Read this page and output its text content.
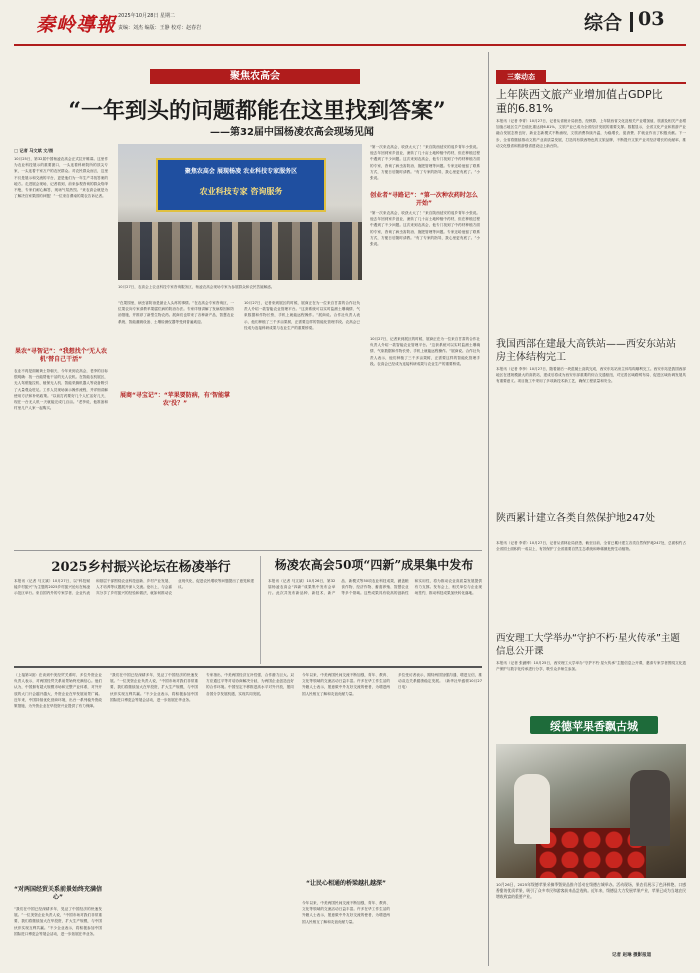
秦岭導報 2025年10月28日 星期二
责编：刘杰 编版：王静 校对：赵春岩	综合 03
聚焦农高会
“一年到头的问题都能在这里找到答案”
——第32届中国杨凌农高会现场见闻
□ 记者 马文斌 文/图
10月25日，第32届中国杨凌农高会正式拉开帷幕。这里作为农业科技展示的重要窗口，一头连着科研院所的顶尖专家，一头连着千家万户的农民群众。对农民群众而言，这里不仅是展示和交流的平台，更是他们为一年生产寻找答案的地方。走进展会现场，记者看到，前来参观咨询的群众络绎不绝，专家们耐心解答，现场气氛热烈。“来农高会就是为了解决自家果园的问题！”一位来自渭南的果农告诉记者。
聚焦农高会 展现杨凌 农业科技专家服务区
农业科技专家 咨询服务
10月27日，农高会上农业科技专家咨询服务区，杨凌农高会现场专家为参展群众和农民答疑解惑。
“第一次来农高会，收获太大了！”来自陕西延安的返乡青年小张说。他去年回到家乡创业，流转了几十亩土地种植中药材，但在种植过程中遇到了不少问题。这次来到农高会，他专门找到了中药材种植方面的专家，咨询了病虫害防治、施肥管理等问题。专家还给他留了联系方式，方便日后随时请教。“有了专家的指导，我心里更有底了。”小张说。
创业者“寻路记”：“第一次种农药时怎么开始”
“第一次来农高会，收获太大了！”来自陕西延安的返乡青年小张说。他去年回到家乡创业，流转了几十亩土地种植中药材，但在种植过程中遇到了不少问题。这次来到农高会，他专门找到了中药材种植方面的专家，咨询了病虫害防治、施肥管理等问题。专家还给他留了联系方式，方便日后随时请教。“有了专家的指导，我心里更有底了。”小张说。
果农“寻智记”：“我想找个‘无人农机’替自己干活”
农业不再是面朝黄土背朝天，今年来到农高会，老李的目标很明确：找一台能帮他干活的无人农机。在智能农机展区，无人驾驶拖拉机、植保无人机、智能采摘机器人等设备吸引了大量观众驻足。工作人员现场演示操作流程，并详细讲解使用方法和补贴政策。“以前打药要好几个人忙活好几天，现在一台无人机一天就能完成几百亩。”老李说，他准备和村里几户人家一起购买。
“在果园里，病虫害防治是最让人头疼的事情。”在农高会专家咨询区，一位果农向专家请教苹果腐烂病的防治办法。专家详细讲解了发病原因和防治措施，并推荐了新型生物农药。展商们也带来了各种新产品，智慧农业系统、智能灌溉设备、土壤检测仪器等受到普遍欢迎。
展商“寻宝记”：“苹果要防病，有‘智能掌农’没？”
10月27日，记者来到展区的时候，展商正在为一位来自甘肃的合作社负责人介绍一款智能农业管理平台。“这套系统可以实时监测土壤墒情、气象数据和作物长势，手机上就能远程操作。”展商说。合作社负责人表示，他们种植了三千多亩果树，正需要这样的智能化管理手段。农高会已经成为连接科研成果与农业生产的重要桥梁。
10月27日，记者来到展区的时候，展商正在为一位来自甘肃的合作社负责人介绍一款智能农业管理平台。“这套系统可以实时监测土壤墒情、气象数据和作物长势，手机上就能远程操作。”展商说。合作社负责人表示，他们种植了三千多亩果树，正需要这样的智能化管理手段。农高会已经成为连接科研成果与农业生产的重要桥梁。
2025乡村振兴论坛在杨凌举行
本报讯（记者 马文斌）10月27日，以“科技赋能乡村振兴”为主题的2025乡村振兴论坛在杨凌示范区举行。来自国内外的专家学者、企业代表和基层干部围绕农业科技创新、乡村产业发展、人才培养等议题展开深入交流。论坛上，与会嘉宾分享了乡村振兴的经验和做法，就如何推动农业现代化、促进农民增收等问题提出了意见和建议。
杨凌农高会50项“四新”成果集中发布
本报讯（记者 马文斌）10月26日，第32届杨凌农高会“四新”成果集中发布会举行。此次共发布新品种、新技术、新产品、新模式等50项农业科技成果，涵盖粮食作物、经济作物、畜禽养殖、智慧农业等多个领域。这些成果具有较高的创新性和实用性，将为推动农业高质量发展提供有力支撑。发布会上，相关单位与企业现场签约，推动科技成果加快转化落地。
（上接第1版）在谈到中美经贸关系时，多位外资企业负责人表示，对两国经贸关系前景始终充满信心。他们认为，中国拥有超大规模市场和完整产业体系，对外开放的大门只会越开越大，外资企业在华发展前景广阔。近年来，中国持续优化营商环境，出台一系列稳外资政策措施，为外资企业在华投资兴业提供了有力保障。
“对两国经贸关系前景始终充满信心”
“我们在中国已经深耕多年，见证了中国经济的快速发展。”一位美资企业负责人说，“中国市场对我们非常重要，我们将继续加大在华投资，扩大生产规模，与中国伙伴实现互利共赢。”不少企业表示，将积极参加中国国际进口博览会等展会活动，进一步拓展在华业务。
“我们在中国已经深耕多年，见证了中国经济的快速发展。”一位美资企业负责人说，“中国市场对我们非常重要，我们将继续加大在华投资，扩大生产规模，与中国伙伴实现互利共赢。”不少企业表示，将积极参加中国国际进口博览会等展会活动，进一步拓展在华业务。
专家指出，中美两国经济互补性强，合作潜力巨大。双方应通过平等对话协商解决分歧，为两国企业创造良好的合作环境。中国坚定不移推进高水平对外开放，愿同各国分享发展机遇，实现共同发展。
今年以来，中美两国民间交流不断加强，青年、教育、文化等领域的交流活动日益丰富。许多在华工作生活的外籍人士表示，愿意做中外友好交流的使者，为增进两国人民相互了解和友谊贡献力量。
“让民心相通的桥梁越扎越深”
今年以来，中美两国民间交流不断加强，青年、教育、文化等领域的交流活动日益丰富。许多在华工作生活的外籍人士表示，愿意做中外友好交流的使者，为增进两国人民相互了解和友谊贡献力量。
多位受访者表示，期待两国加强沟通、增进互信，推动双边关系健康稳定发展。（新华社华盛顿10月27日电）
三秦动态
上年陕西文旅产业增加值占GDP比重的6.81%
本报讯（记者 李青）10月27日，记者从省统计局获悉，经核算，上年陕西省文化及相关产业增加值、旅游及相关产业增加值占地区生产总值比重达到6.81%，文旅产业已成为全省经济发展的重要支撑。数据显示，全省文化产业和旅游产业融合发展态势良好，新业态新模式不断涌现，文旅消费持续升温，为稳增长、促消费、扩就业作出了积极贡献。下一步，全省将继续推动文旅产业高质量发展，打造具有陕西特色的文旅品牌，不断提升文旅产业对经济增长的贡献率，推动文化强省和旅游强省建设迈上新台阶。
我国西部在建最大高铁站——西安东站站房主体结构完工
本报讯（记者 李李）10月27日，随着最后一块混凝土浇筑完成，西安东站站房主体结构顺利完工。西安东站是我国西部地区在建规模最大的高铁站，建成后将成为西安东部重要的综合交通枢纽，对完善区域路网布局、促进区域协调发展具有重要意义。项目施工中采用了多项新技术新工艺，确保工程质量和安全。
陕西累计建立各类自然保护地247处
本报讯（记者 李青）10月27日，记者从省林业局获悉，截至目前，全省已累计建立各类自然保护地247处，总面积约占全省国土面积的一成以上，有效保护了全省重要自然生态系统和珍稀濒危野生动植物。
西安理工大学举办“守护不朽·星火传承”主题信息公开课
本报讯（记者 张涵博）10月25日，西安理工大学举办“守护不朽·星火传承”主题信息公开课，邀请专家学者围绕文化遗产保护与数字化传承进行分享，吸引众多师生参加。
绥德苹果香飘古城
10月26日，2025年绥德苹果采摘季暨果品推介活动在绥德古城举办。活动现场，果农们展示了色泽鲜艳、口感香甜的优质苹果，吸引了众多市民和游客前来品尝选购。近年来，绥德县大力发展苹果产业，苹果已成为当地农民增收致富的重要产业。
记者 赵琳 摄影报道
